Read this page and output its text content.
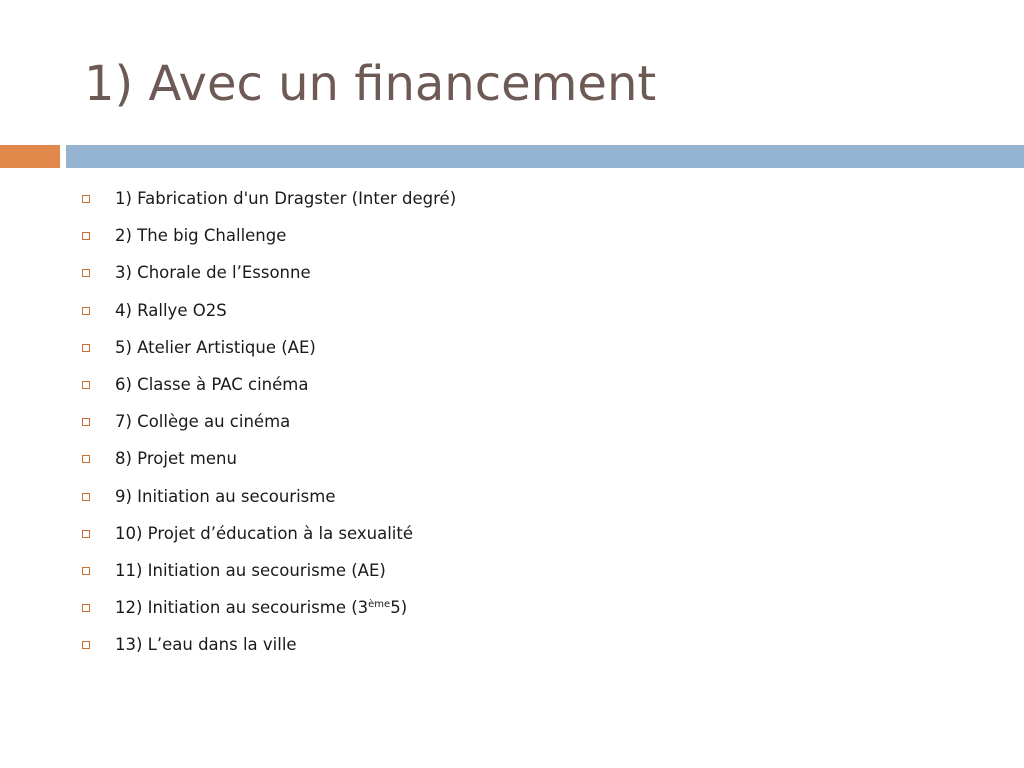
1) Avec un financement
1) Fabrication d'un Dragster (Inter degré)
2) The big Challenge
3) Chorale de l’Essonne
4) Rallye O2S
5) Atelier Artistique (AE)
6) Classe à PAC cinéma
7) Collège au cinéma
8) Projet menu
9) Initiation au secourisme
10) Projet d’éducation à la sexualité
11) Initiation au secourisme (AE)
12) Initiation au secourisme (3ème5)
13) L’eau dans la ville
